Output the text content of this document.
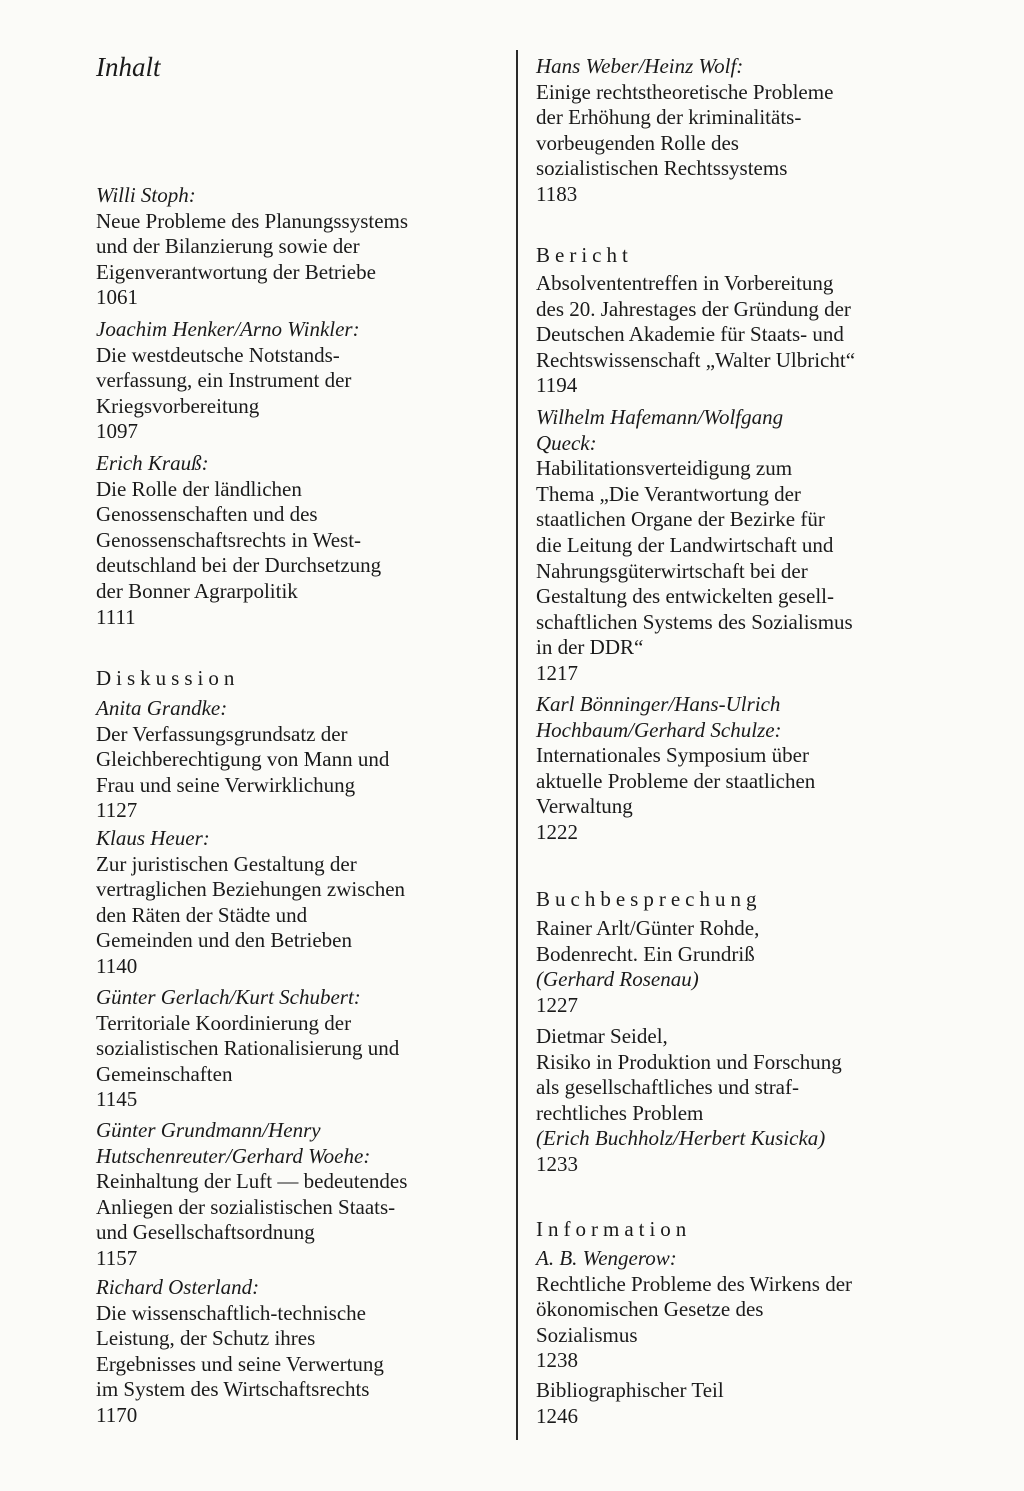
Inhalt
Willi Stoph:
Neue Probleme des Planungssystems
und der Bilanzierung sowie der
Eigenverantwortung der Betriebe
1061
Joachim Henker/Arno Winkler:
Die westdeutsche Notstands-
verfassung, ein Instrument der
Kriegsvorbereitung
1097
Erich Krauß:
Die Rolle der ländlichen
Genossenschaften und des
Genossenschaftsrechts in West-
deutschland bei der Durchsetzung
der Bonner Agrarpolitik
1111
Diskussion
Anita Grandke:
Der Verfassungsgrundsatz der
Gleichberechtigung von Mann und
Frau und seine Verwirklichung
1127
Klaus Heuer:
Zur juristischen Gestaltung der
vertraglichen Beziehungen zwischen
den Räten der Städte und
Gemeinden und den Betrieben
1140
Günter Gerlach/Kurt Schubert:
Territoriale Koordinierung der
sozialistischen Rationalisierung und
Gemeinschaften
1145
Günter Grundmann/Henry
Hutschenreuter/Gerhard Woehe:
Reinhaltung der Luft — bedeutendes
Anliegen der sozialistischen Staats-
und Gesellschaftsordnung
1157
Richard Osterland:
Die wissenschaftlich-technische
Leistung, der Schutz ihres
Ergebnisses und seine Verwertung
im System des Wirtschaftsrechts
1170
Hans Weber/Heinz Wolf:
Einige rechtstheoretische Probleme
der Erhöhung der kriminalitäts-
vorbeugenden Rolle des
sozialistischen Rechtssystems
1183
Bericht
Absolvententreffen in Vorbereitung
des 20. Jahrestages der Gründung der
Deutschen Akademie für Staats- und
Rechtswissenschaft „Walter Ulbricht“
1194
Wilhelm Hafemann/Wolfgang
Queck:
Habilitationsverteidigung zum
Thema „Die Verantwortung der
staatlichen Organe der Bezirke für
die Leitung der Landwirtschaft und
Nahrungsgüterwirtschaft bei der
Gestaltung des entwickelten gesell-
schaftlichen Systems des Sozialismus
in der DDR“
1217
Karl Bönninger/Hans-Ulrich
Hochbaum/Gerhard Schulze:
Internationales Symposium über
aktuelle Probleme der staatlichen
Verwaltung
1222
Buchbesprechung
Rainer Arlt/Günter Rohde,
Bodenrecht. Ein Grundriß
(Gerhard Rosenau)
1227
Dietmar Seidel,
Risiko in Produktion und Forschung
als gesellschaftliches und straf-
rechtliches Problem
(Erich Buchholz/Herbert Kusicka)
1233
Information
A. B. Wengerow:
Rechtliche Probleme des Wirkens der
ökonomischen Gesetze des
Sozialismus
1238
Bibliographischer Teil
1246
